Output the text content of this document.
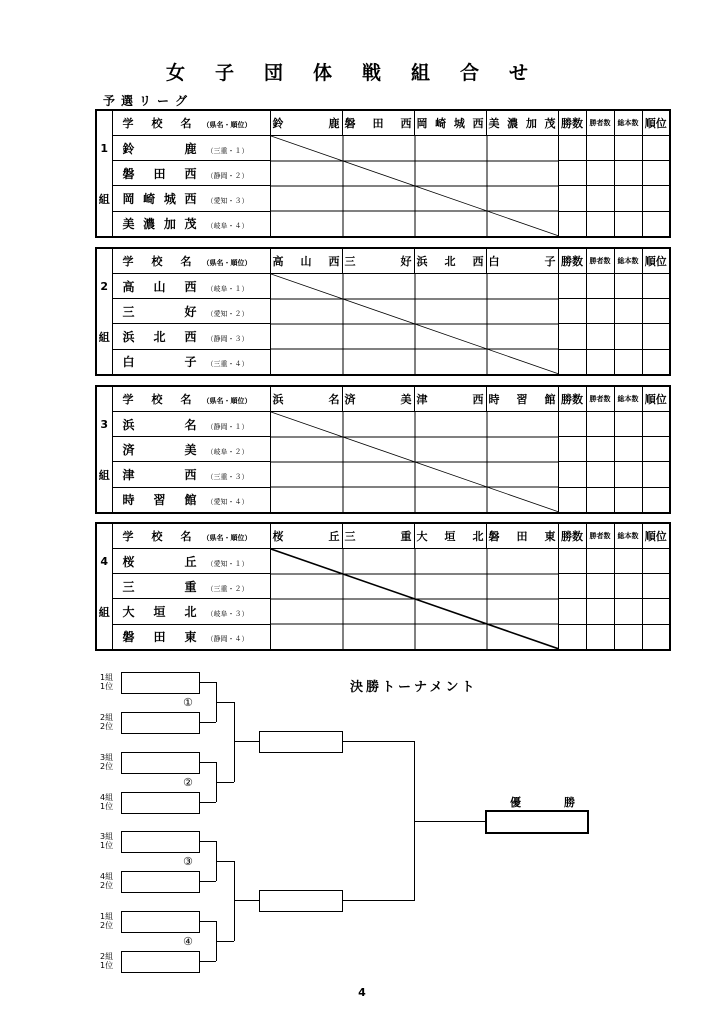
女子団体戦組合せ
予選リーグ
	学校名（県名・順位）	鈴 鹿	磐 田 西	岡 崎 城 西	美 濃 加 茂	勝数	勝者数	総本数	順位
1	鈴 鹿 （三重・１）	

	磐 田 西 （静岡・２）								
組	岡 崎 城 西 （愛知・３）								

	美 濃 加 茂 （岐阜・４）								
	学校名（県名・順位）	高 山 西	三 好	浜 北 西	白 子	勝数	勝者数	総本数	順位
2	高 山 西 （岐阜・１）	

	三 好 （愛知・２）								
組	浜 北 西 （静岡・３）								

	白 子 （三重・４）								
	学校名（県名・順位）	浜 名	済 美	津 西	時 習 館	勝数	勝者数	総本数	順位
3	浜 名 （静岡・１）	

	済 美 （岐阜・２）								
組	津 西 （三重・３）								

	時 習 館 （愛知・４）								
	学校名（県名・順位）	桜 丘	三 重	大 垣 北	磐 田 東	勝数	勝者数	総本数	順位
4	桜 丘 （愛知・１）	

	三 重 （三重・２）								
組	大 垣 北 （岐阜・３）								

	磐 田 東 （静岡・４）								
決勝トーナメント
優　勝
1組
1位
2組
2位
3組
2位
4組
1位
3組
1位
4組
2位
1組
2位
2組
1位
①
②
③
④
4
